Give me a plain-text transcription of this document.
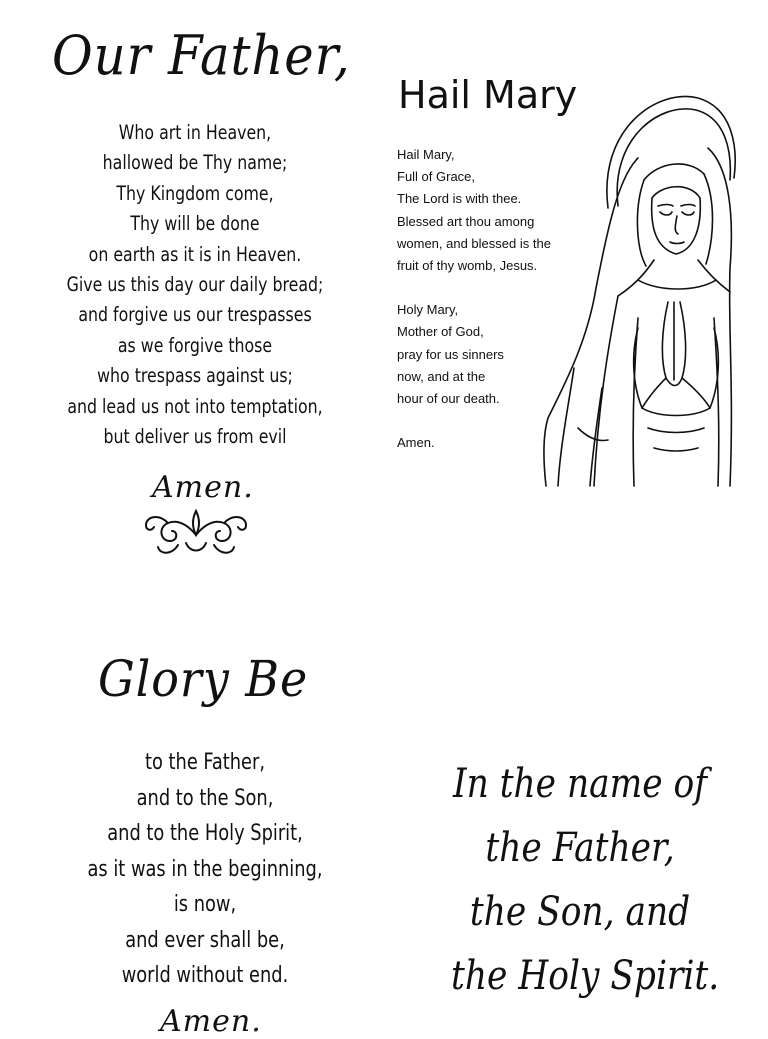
Our Father,
Who art in Heaven,
hallowed be Thy name;
Thy Kingdom come,
Thy will be done
on earth as it is in Heaven.
Give us this day our daily bread;
and forgive us our trespasses
as we forgive those
who trespass against us;
and lead us not into temptation,
but deliver us from evil
Amen.
Hail Mary
Hail Mary,
Full of Grace,
The Lord is with thee.
Blessed art thou among
women, and blessed is the
fruit of thy womb, Jesus.
Holy Mary,
Mother of God,
pray for us sinners
now, and at the
hour of our death.
Amen.
Glory Be
to the Father,
and to the Son,
and to the Holy Spirit,
as it was in the beginning,
is now,
and ever shall be,
world without end.
Amen.
In the name of
the Father,
the Son, and
the Holy Spirit.
